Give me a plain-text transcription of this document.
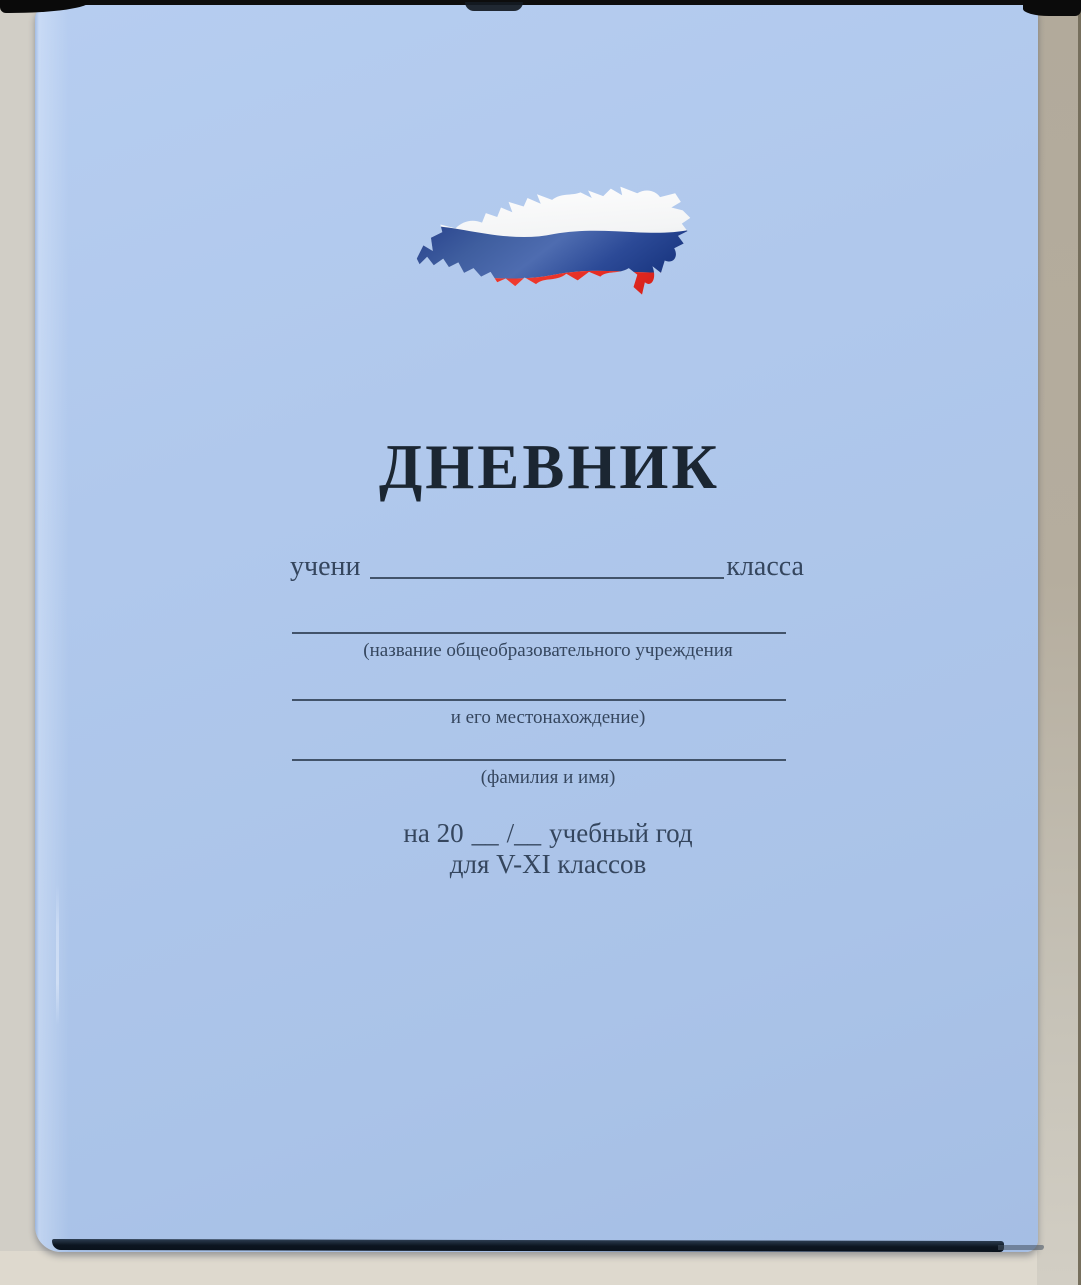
ДНЕВНИК
учени	класса
(название общеобразовательного учреждения
и его местонахождение)
(фамилия и имя)
на 20 __ /__ учебный год
для V-XI классов
